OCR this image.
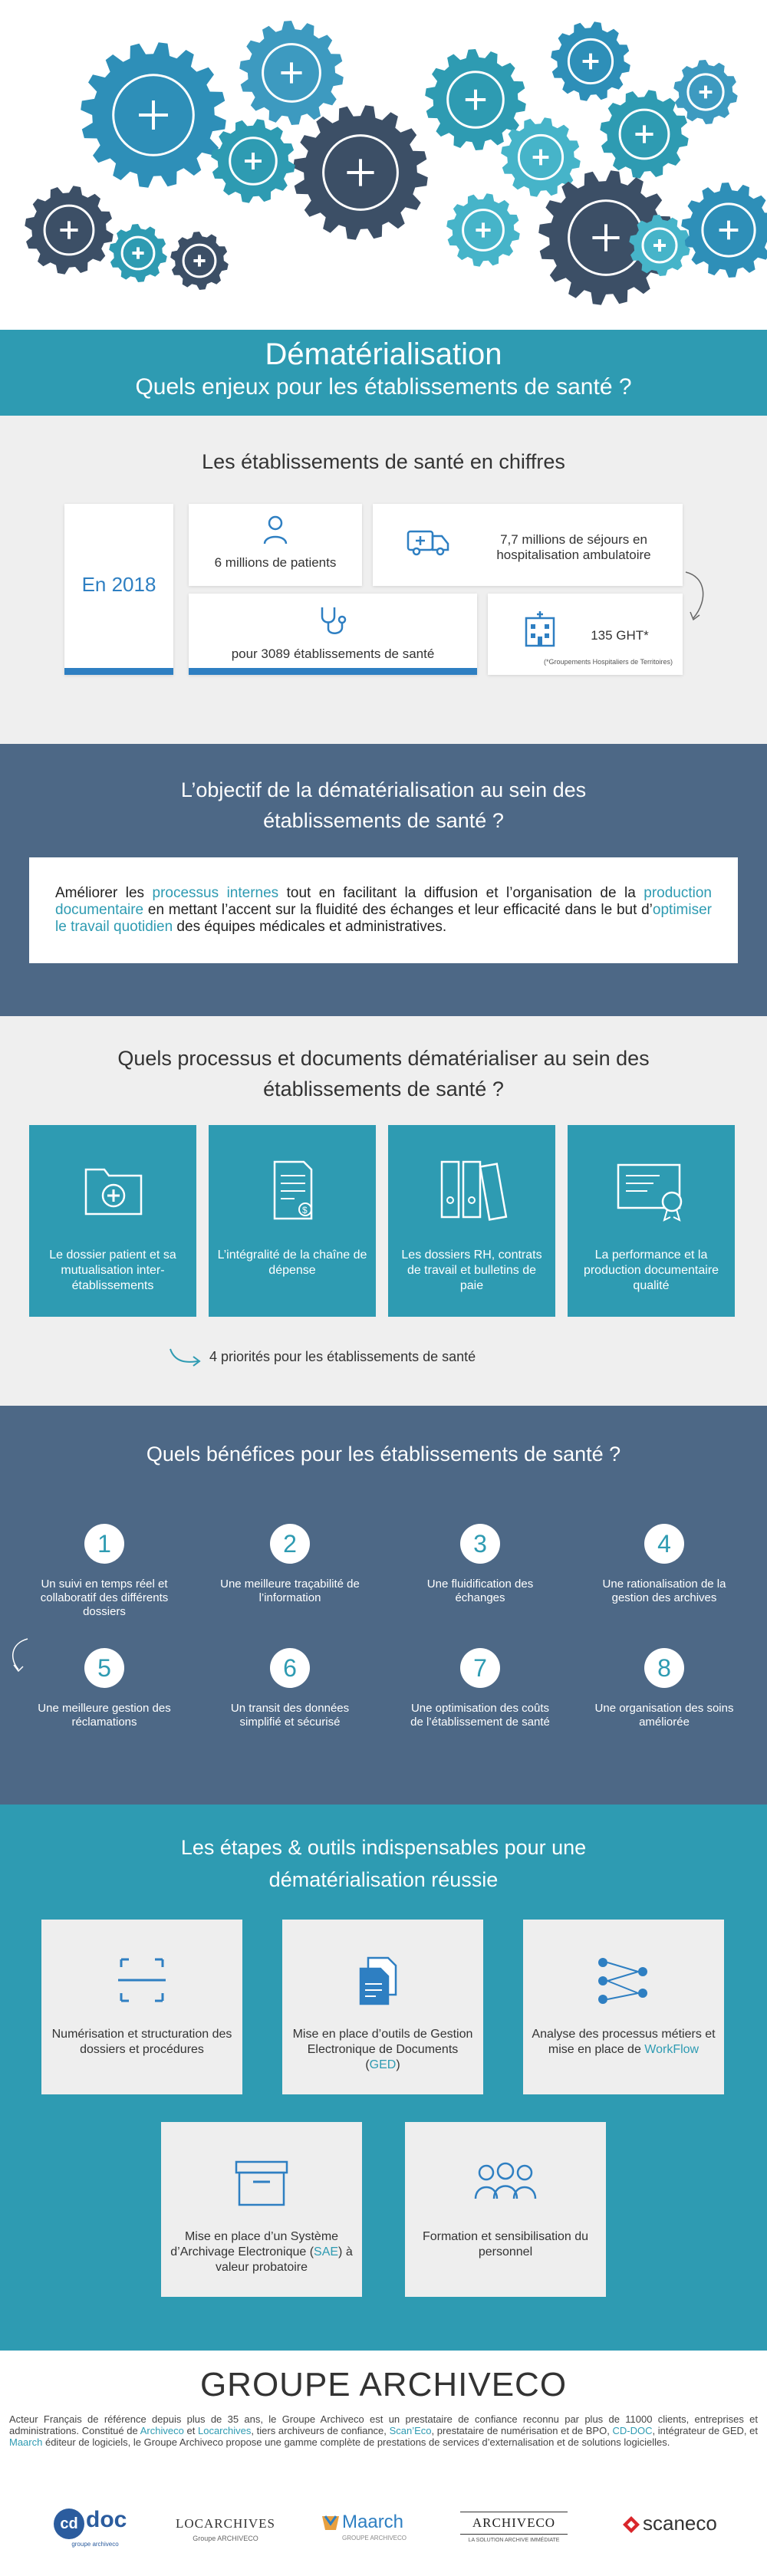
Dématérialisation
Quels enjeux pour les établissements de santé ?
Les établissements de santé en chiffres
En 2018
6 millions de patients
7,7 millions de séjours en
hospitalisation ambulatoire
pour 3089 établissements de santé
135 GHT*
(*Groupements Hospitaliers de Territoires)
L’objectif de la dématérialisation au sein des
établissements de santé ?
Améliorer les processus internes tout en facilitant la diffusion et l’organisation de la production documentaire en mettant l’accent sur la fluidité des échanges et leur efficacité dans le but d’optimiser le travail quotidien des équipes médicales et administratives.
Quels processus et documents dématérialiser au sein des
établissements de santé ?
Le dossier patient et sa mutualisation inter-établissements
$
L’intégralité de la chaîne de dépense
Les dossiers RH, contrats de travail et bulletins de paie
La performance et la production documentaire qualité
4 priorités pour les établissements de santé
Quels bénéfices pour les établissements de santé ?
1
Un suivi en temps réel et collaboratif des différents dossiers
2
Une meilleure traçabilité de l’information
3
Une fluidification des échanges
4
Une rationalisation de la gestion des archives
5
Une meilleure gestion des réclamations
6
Un transit des données simplifié et sécurisé
7
Une optimisation des coûts de l’établissement de santé
8
Une organisation des soins améliorée
Les étapes & outils indispensables pour une
dématérialisation réussie
Numérisation et structuration des dossiers et procédures
Mise en place d’outils de Gestion Electronique de Documents (GED)
Analyse des processus métiers et mise en place de WorkFlow
Mise en place d’un Système d’Archivage Electronique (SAE) à valeur probatoire
Formation et sensibilisation du personnel
GROUPE ARCHIVECO
Acteur Français de référence depuis plus de 35 ans, le Groupe Archiveco est un prestataire de confiance reconnu par plus de 11000 clients, entreprises et administrations. Constitué de Archiveco et Locarchives, tiers archiveurs de confiance, Scan’Eco, prestataire de numérisation et de BPO, CD-DOC, intégrateur de GED, et Maarch éditeur de logiciels, le Groupe Archiveco propose une gamme complète de prestations de services d’externalisation et de solutions logicielles.
cd doc
groupe archiveco
LOCARCHIVES
Groupe ARCHIVECO
Maarch
GROUPE ARCHIVECO
ARCHIVECO
LA SOLUTION ARCHIVE IMMÉDIATE
scaneco
